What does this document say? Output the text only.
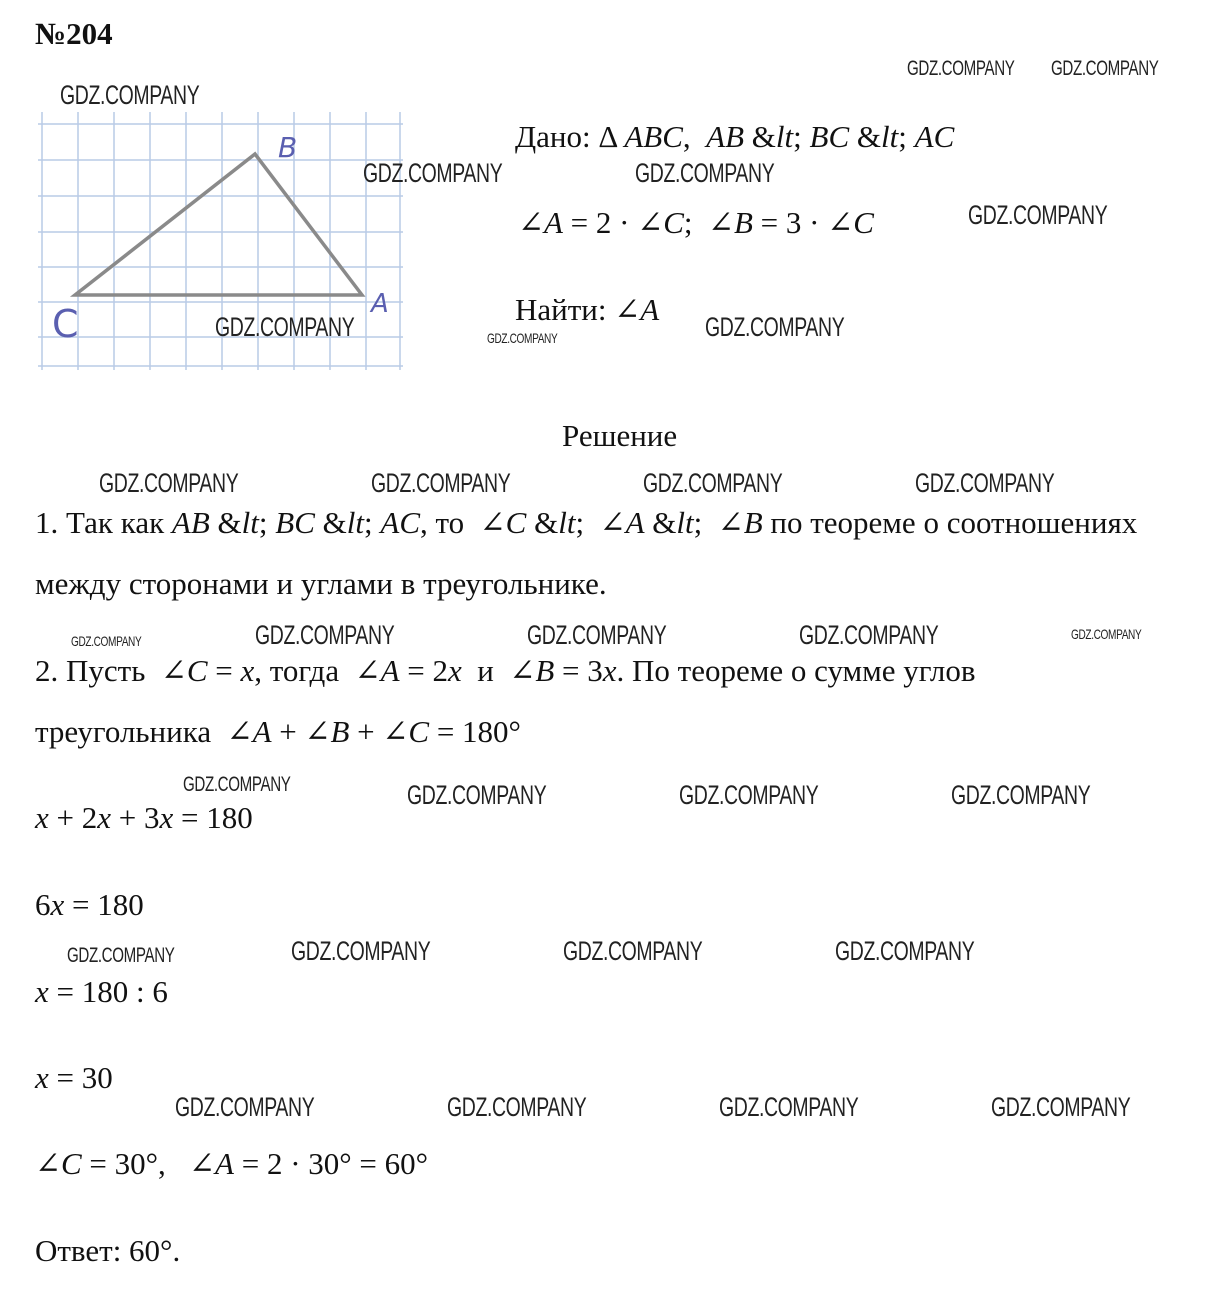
№204
B
A
C
Дано: Δ ABC,  AB &lt; BC &lt; AC
∠A = 2 · ∠C;  ∠B = 3 · ∠C
Найти: ∠A
Решение
1. Так как AB &lt; BC &lt; AC, то  ∠C &lt;  ∠A &lt;  ∠B по теореме о соотношениях
между сторонами и углами в треугольнике.
2. Пусть  ∠C = x, тогда  ∠A = 2x  и  ∠B = 3x. По теореме о сумме углов
треугольника  ∠A + ∠B + ∠C = 180°
x + 2x + 3x = 180
6x = 180
x = 180 : 6
x = 30
∠C = 30°,   ∠A = 2 · 30° = 60°
Ответ: 60°.
GDZ.COMPANY GDZ.COMPANY
GDZ.COMPANY
GDZ.COMPANY	GDZ.COMPANY
GDZ.COMPANY
GDZ.COMPANY	GDZ.COMPANY	GDZ.COMPANY
GDZ.COMPANY	GDZ.COMPANY	GDZ.COMPANY	GDZ.COMPANY
GDZ.COMPANY	GDZ.COMPANY	GDZ.COMPANY	GDZ.COMPANY	GDZ.COMPANY
GDZ.COMPANY	GDZ.COMPANY	GDZ.COMPANY	GDZ.COMPANY
GDZ.COMPANY	GDZ.COMPANY	GDZ.COMPANY	GDZ.COMPANY
GDZ.COMPANY	GDZ.COMPANY	GDZ.COMPANY	GDZ.COMPANY
